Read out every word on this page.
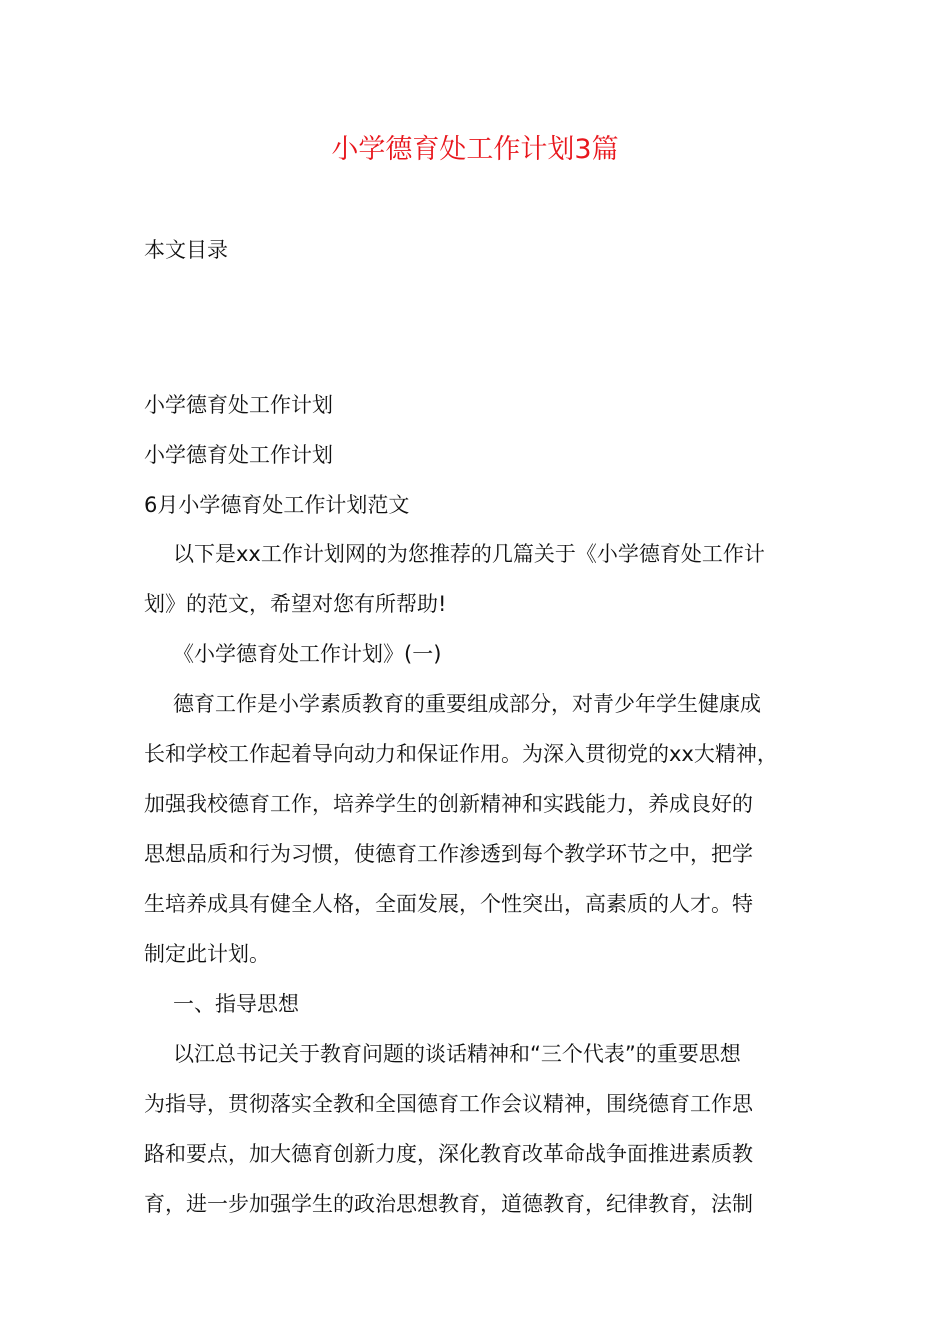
小学德育处工作计划3篇

本文目录

小学德育处工作计划
小学德育处工作计划
6月小学德育处工作计划范文

以下是xx工作计划网的为您推荐的几篇关于《小学德育处工作计

划》的范文，希望对您有所帮助!

《小学德育处工作计划》(一)

德育工作是小学素质教育的重要组成部分，对青少年学生健康成

长和学校工作起着导向动力和保证作用。为深入贯彻党的xx大精神，

加强我校德育工作，培养学生的创新精神和实践能力，养成良好的

思想品质和行为习惯，使德育工作渗透到每个教学环节之中，把学

生培养成具有健全人格，全面发展，个性突出，高素质的人才。特

制定此计划。

一、指导思想

以江总书记关于教育问题的谈话精神和“三个代表”的重要思想

为指导，贯彻落实全教和全国德育工作会议精神，围绕德育工作思

路和要点，加大德育创新力度，深化教育改革命战争面推进素质教

育，进一步加强学生的政治思想教育，道德教育，纪律教育，法制
